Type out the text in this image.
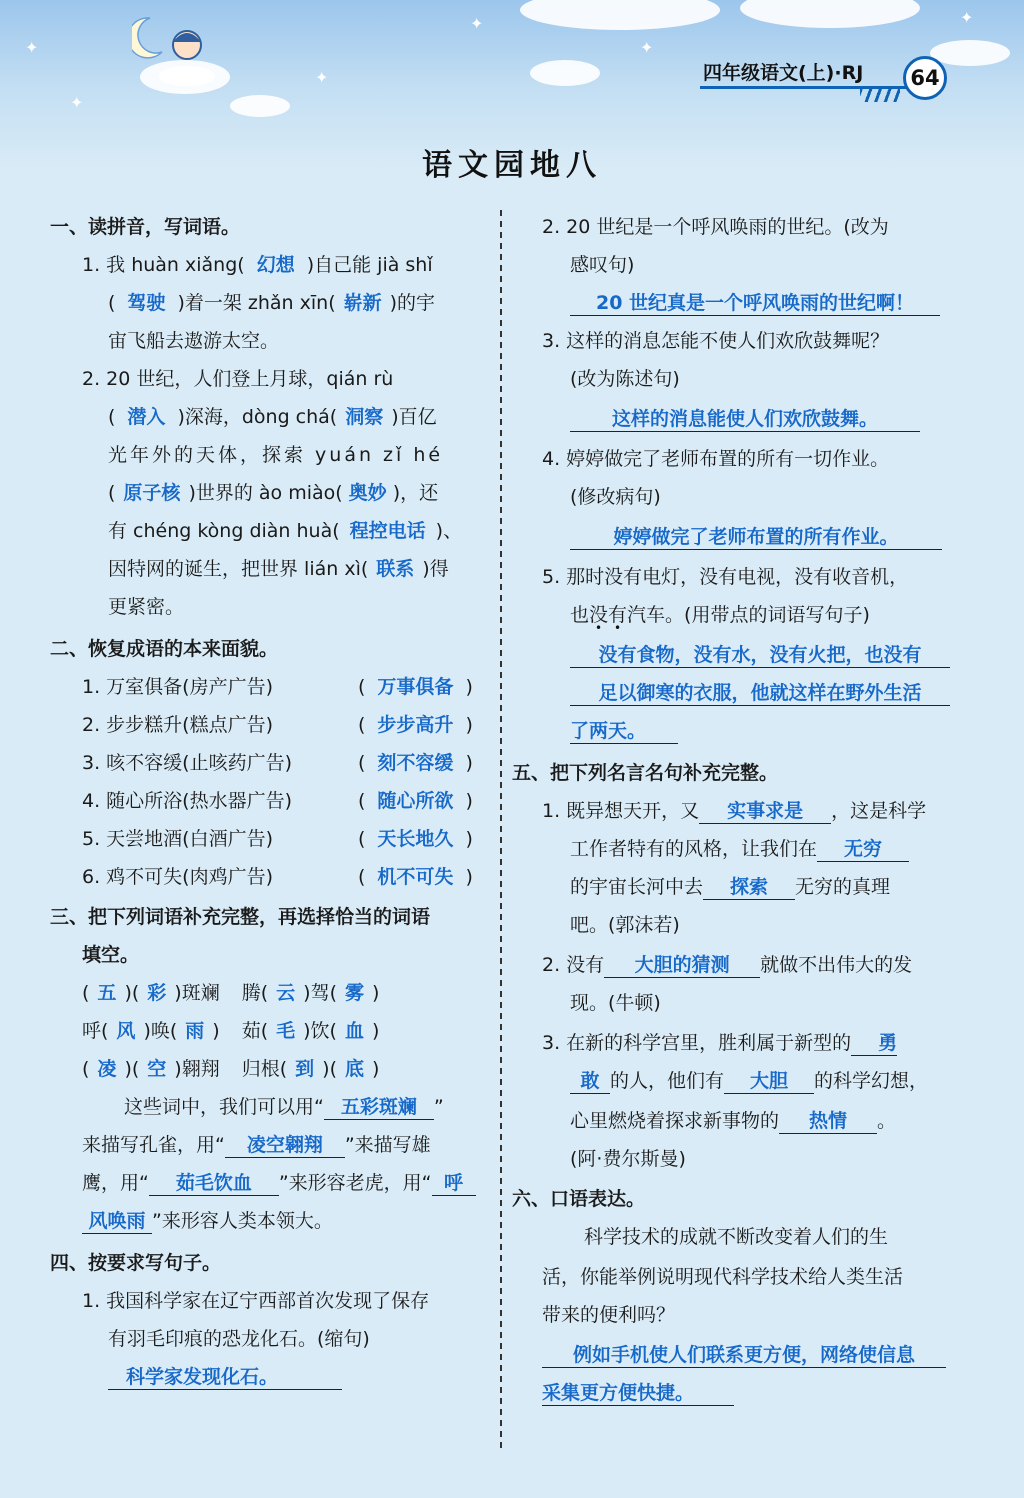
✦
✦
✦
✦
✦
✦
四年级语文(上)·RJ	64
语文园地八
一、读拼音，写词语。
1. 我 huàn xiǎng( 幻想 )自己能 jià shǐ
( 驾驶 )着一架 zhǎn xīn( 崭新 )的宇
宙飞船去遨游太空。
2. 20 世纪，人们登上月球，qián rù
( 潜入 )深海，dòng chá( 洞察 )百亿
光年外的天体，探索 yuán zǐ hé
( 原子核 )世界的 ào miào( 奥妙 )，还
有 chéng kòng diàn huà( 程控电话 )、
因特网的诞生，把世界 lián xì( 联系 )得
更紧密。
二、恢复成语的本来面貌。
1. 万室俱备(房产广告)	( 万事俱备 )
2. 步步糕升(糕点广告)	( 步步高升 )
3. 咳不容缓(止咳药广告)	( 刻不容缓 )
4. 随心所浴(热水器广告)	( 随心所欲 )
5. 天尝地酒(白酒广告)	( 天长地久 )
6. 鸡不可失(肉鸡广告)	( 机不可失 )
三、把下列词语补充完整，再选择恰当的词语
填空。
( 五 )( 彩 )斑斓 腾( 云 )驾( 雾 )
呼( 风 )唤( 雨 ) 茹( 毛 )饮( 血 )
( 凌 )( 空 )翱翔 归根( 到 )( 底 )
这些词中，我们可以用“ 五彩斑斓 ”
来描写孔雀，用“ 凌空翱翔 ”来描写雄
鹰，用“ 茹毛饮血 ”来形容老虎，用“ 呼
风唤雨 ”来形容人类本领大。
四、按要求写句子。
1. 我国科学家在辽宁西部首次发现了保存
有羽毛印痕的恐龙化石。(缩句)
科学家发现化石。
2. 20 世纪是一个呼风唤雨的世纪。(改为
感叹句)
20 世纪真是一个呼风唤雨的世纪啊！
3. 这样的消息怎能不使人们欢欣鼓舞呢？
(改为陈述句)
这样的消息能使人们欢欣鼓舞。
4. 婷婷做完了老师布置的所有一切作业。
(修改病句)
婷婷做完了老师布置的所有作业。
5. 那时没有电灯，没有电视，没有收音机，
也没有汽车。(用带点的词语写句子)
没有食物，没有水，没有火把，也没有
足以御寒的衣服，他就这样在野外生活
了两天。
五、把下列名言名句补充完整。
1. 既异想天开，又 实事求是 ，这是科学
工作者特有的风格，让我们在 无穷
的宇宙长河中去 探索 无穷的真理
吧。(郭沫若)
2. 没有 大胆的猜测 就做不出伟大的发
现。(牛顿)
3. 在新的科学宫里，胜利属于新型的 勇
敢 的人，他们有 大胆 的科学幻想，
心里燃烧着探求新事物的 热情 。
(阿·费尔斯曼)
六、口语表达。
科学技术的成就不断改变着人们的生
活，你能举例说明现代科学技术给人类生活
带来的便利吗？
例如手机使人们联系更方便，网络使信息
采集更方便快捷。
